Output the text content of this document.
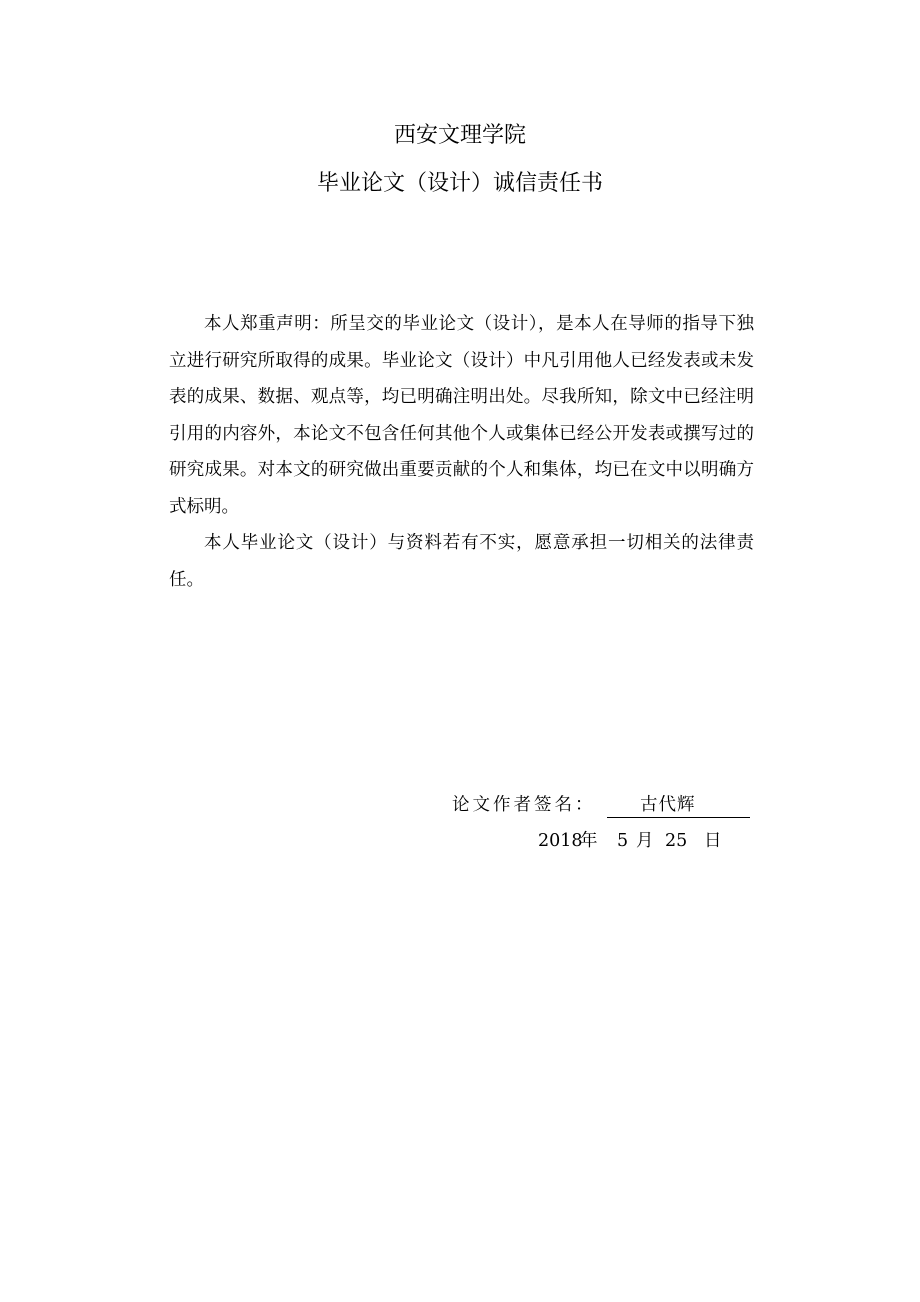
西安文理学院
毕业论文（设计）诚信责任书

本人郑重声明：所呈交的毕业论文（设计），是本人在导师的指导下独立进行研究所取得的成果。毕业论文（设计）中凡引用他人已经发表或未发表的成果、数据、观点等，均已明确注明出处。尽我所知，除文中已经注明引用的内容外，本论文不包含任何其他个人或集体已经公开发表或撰写过的研究成果。对本文的研究做出重要贡献的个人和集体，均已在文中以明确方式标明。

本人毕业论文（设计）与资料若有不实，愿意承担一切相关的法律责任。

论文作者签名：	古代辉
2018
年 5 月 25 日
